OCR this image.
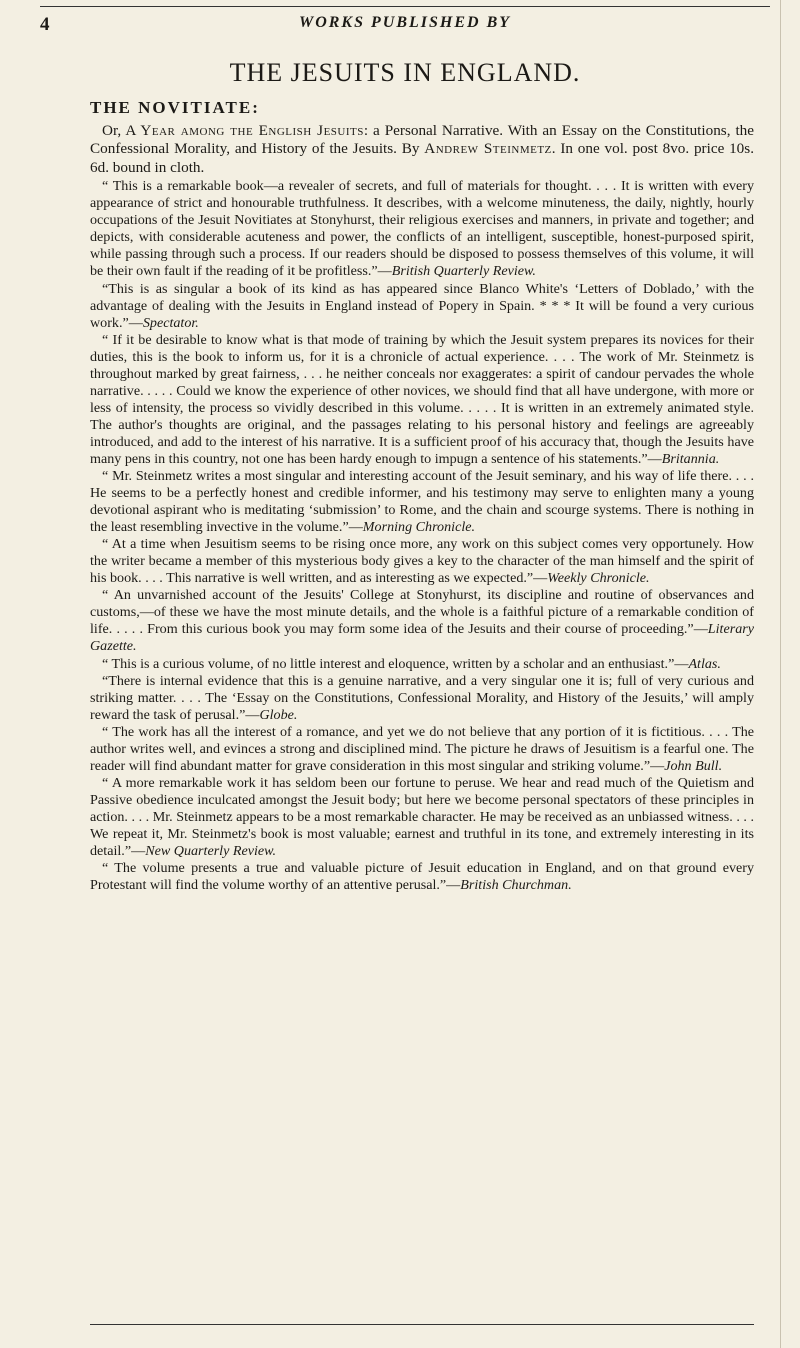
4	WORKS PUBLISHED BY
THE JESUITS IN ENGLAND.
THE NOVITIATE:

Or, A Year among the English Jesuits: a Personal Narrative. With an Essay on the Constitutions, the Confessional Morality, and History of the Jesuits. By Andrew Steinmetz. In one vol. post 8vo. price 10s. 6d. bound in cloth.

“ This is a remarkable book—a revealer of secrets, and full of materials for thought. . . . It is written with every appearance of strict and honourable truthfulness. It describes, with a welcome minuteness, the daily, nightly, hourly occupations of the Jesuit Novitiates at Stonyhurst, their religious exercises and manners, in private and together; and depicts, with considerable acuteness and power, the conflicts of an intelligent, susceptible, honest-purposed spirit, while passing through such a process. If our readers should be disposed to possess themselves of this volume, it will be their own fault if the reading of it be profitless.”—British Quarterly Review.

“This is as singular a book of its kind as has appeared since Blanco White's ‘Letters of Doblado,’ with the advantage of dealing with the Jesuits in England instead of Popery in Spain. * * * It will be found a very curious work.”—Spectator.

“ If it be desirable to know what is that mode of training by which the Jesuit system prepares its novices for their duties, this is the book to inform us, for it is a chronicle of actual experience. . . . The work of Mr. Steinmetz is throughout marked by great fairness, . . . he neither conceals nor exaggerates: a spirit of candour pervades the whole narrative. . . . . Could we know the experience of other novices, we should find that all have undergone, with more or less of intensity, the process so vividly described in this volume. . . . . It is written in an extremely animated style. The author's thoughts are original, and the passages relating to his personal history and feelings are agreeably introduced, and add to the interest of his narrative. It is a sufficient proof of his accuracy that, though the Jesuits have many pens in this country, not one has been hardy enough to impugn a sentence of his statements.”—Britannia.

“ Mr. Steinmetz writes a most singular and interesting account of the Jesuit seminary, and his way of life there. . . . He seems to be a perfectly honest and credible informer, and his testimony may serve to enlighten many a young devotional aspirant who is meditating ‘submission’ to Rome, and the chain and scourge systems. There is nothing in the least resembling invective in the volume.”—Morning Chronicle.

“ At a time when Jesuitism seems to be rising once more, any work on this subject comes very opportunely. How the writer became a member of this mysterious body gives a key to the character of the man himself and the spirit of his book. . . . This narrative is well written, and as interesting as we expected.”—Weekly Chronicle.

“ An unvarnished account of the Jesuits' College at Stonyhurst, its discipline and routine of observances and customs,—of these we have the most minute details, and the whole is a faithful picture of a remarkable condition of life. . . . . From this curious book you may form some idea of the Jesuits and their course of proceeding.”—Literary Gazette.

“ This is a curious volume, of no little interest and eloquence, written by a scholar and an enthusiast.”—Atlas.

“There is internal evidence that this is a genuine narrative, and a very singular one it is; full of very curious and striking matter. . . . The ‘Essay on the Constitutions, Confessional Morality, and History of the Jesuits,’ will amply reward the task of perusal.”—Globe.

“ The work has all the interest of a romance, and yet we do not believe that any portion of it is fictitious. . . . The author writes well, and evinces a strong and disciplined mind. The picture he draws of Jesuitism is a fearful one. The reader will find abundant matter for grave consideration in this most singular and striking volume.”—John Bull.

“ A more remarkable work it has seldom been our fortune to peruse. We hear and read much of the Quietism and Passive obedience inculcated amongst the Jesuit body; but here we become personal spectators of these principles in action. . . . Mr. Steinmetz appears to be a most remarkable character. He may be received as an unbiassed witness. . . . We repeat it, Mr. Steinmetz's book is most valuable; earnest and truthful in its tone, and extremely interesting in its detail.”—New Quarterly Review.

“ The volume presents a true and valuable picture of Jesuit education in England, and on that ground every Protestant will find the volume worthy of an attentive perusal.”—British Churchman.
